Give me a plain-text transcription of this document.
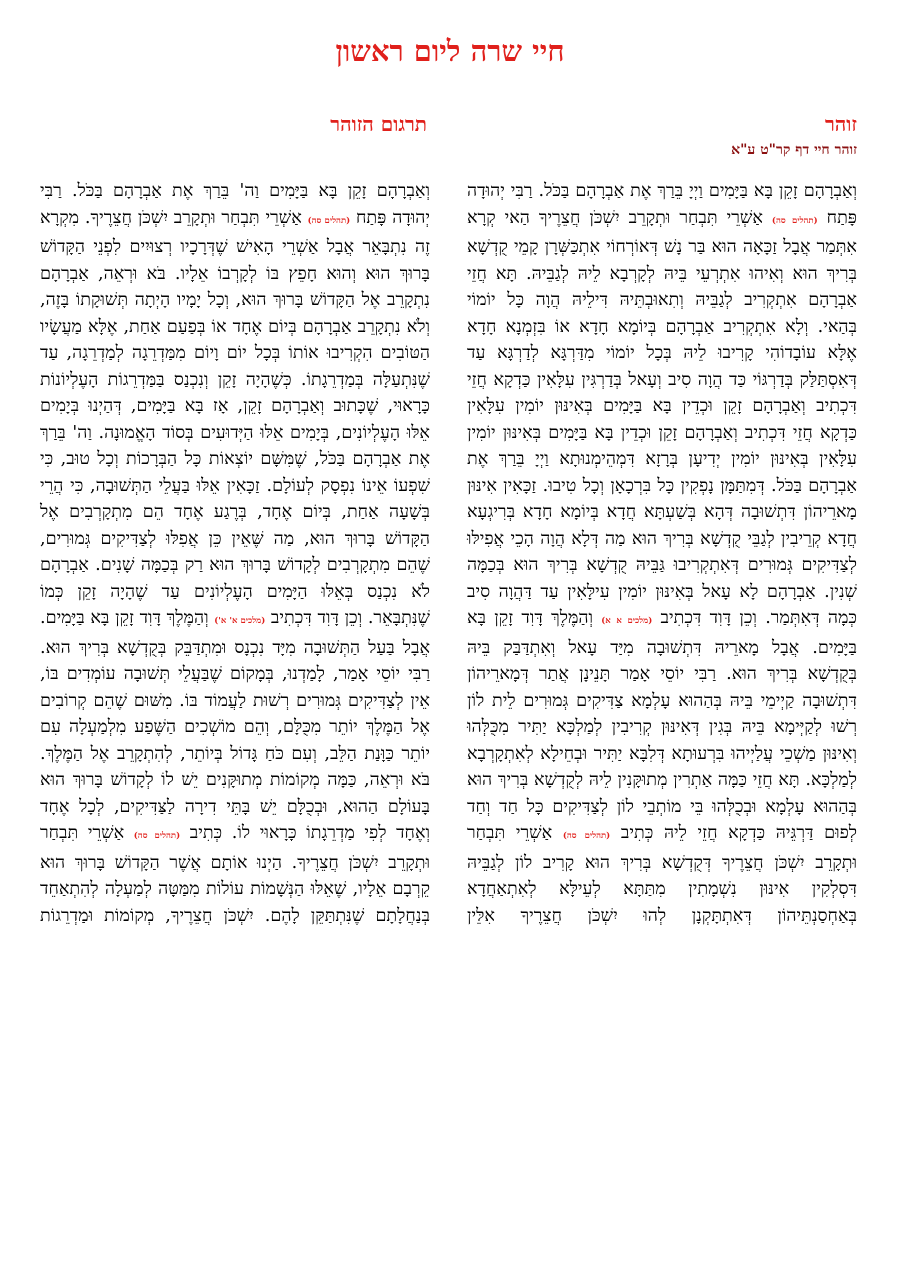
חיי שרה ליום ראשון
זוהר
תרגום הזוהר
זוהר חיי דף קר"ט ע"א
וְאַבְרָהָם זָקֵן בָּא בַּיָּמִים וַיְיָ בֵּרַךְ אֶת אַבְרָהָם בַּכֹּל. רַבִּי יְהוּדָה פָּתַח (תהלים סה) אַשְׁרֵי תִּבְחַר וּתְקָרֵב יִשְׁכֹּן חֲצֵרֶיךָ הַאי קְרָא אִתְּמַר אֲבָל זַכָּאָה הוּא בַּר נָשׁ דְּאוֹרְחוֹי אִתְכַּשְּׁרָן קָמֵי קֻדְשָׁא בְּרִיךְ הוּא וְאִיהוּ אִתְרְעֵי בֵּיהּ לְקָרְבָא לֵיהּ לְגַבֵּיהּ. תָּא חֲזֵי אַבְרָהָם אִתְקְרִיב לְגַבֵּיהּ וְתִאוּבְתֵּיהּ דִּילֵיהּ הֲוָה כָּל יוֹמוֹי בְּהַאי. וְלָא אִתְקְרִיב אַבְרָהָם בְּיוֹמָא חָדָא אוֹ בִּזְמְנָא חָדָא אֶלָּא עוֹבָדוֹהִי קָרִיבוּ לֵיהּ בְּכָל יוֹמוֹי מִדַּרְגָּא לְדַרְגָּא עַד דְּאִסְתַּלַּק בְּדַרְגּוֹי כַּד הֲוָה סִיב וְעָאל בְּדַרְגִּין עִלָּאִין כַּדְקָא חֲזֵי דִּכְתִיב וְאַבְרָהָם זָקֵן וּכְדֵין בָּא בַּיָּמִים בְּאִינּוּן יוֹמִין עִלָּאִין כַּדְקָא חֲזֵי דִּכְתִיב וְאַבְרָהָם זָקֵן וּכְדֵין בָּא בַּיָּמִים בְּאִינּוּן יוֹמִין עִלָּאִין בְּאִינּוּן יוֹמִין יְדִיעָן בְּרָזָא דִּמְהֵימְנוּתָא וַיְיָ בֵּרַךְ אֶת אַבְרָהָם בַּכֹּל. דְּמִתַּמָּן נָפְקִין כָּל בִּרְכָאָן וְכָל טִיבוּ. זַכָּאִין אִינּוּן מָארֵיהוֹן דִּתְשׁוּבָה דְּהָא בְּשַׁעְתָּא חֲדָא בְּיוֹמָא חָדָא בְּרִיגְעָא חֲדָא קְרֵיבִין לְגַבֵּי קֻדְשָׁא בְּרִיךְ הוּא מַה דְּלָא הֲוָה הָכֵי אֲפִילּוּ לְצַדִּיקִים גְּמוּרִים דְּאִתְקְרִיבוּ גַּבֵּיהּ קֻדְשָׁא בְּרִיךְ הוּא בְּכַמָּה שְׁנִין. אַבְרָהָם לָא עָאל בְּאִינּוּן יוֹמִין עִילָּאִין עַד דַּהֲוָה סִיב כְּמָה דְּאִתְּמַר. וְכֵן דָּוִד דִּכְתִיב (מלכים א א) וְהַמֶּלֶךְ דָּוִד זָקֵן בָּא בַּיָּמִים. אֲבָל מָארֵיהּ דִּתְשׁוּבָה מִיַּד עָאל וְאִתְדַּבַּק בֵּיהּ בְּקֻדְשָׁא בְּרִיךְ הוּא. רַבִּי יוֹסֵי אָמַר תָּנֵינָן אֲתַר דְּמָארֵיהוֹן דִּתְשׁוּבָה קַיְימֵי בֵּיהּ בְּהַהוּא עָלְמָא צַדִּיקִים גְּמוּרִים לֵית לוֹן רְשׁוּ לְקַיְּימָא בֵּיהּ בְּגִין דְּאִינּוּן קְרִיבִין לְמַלְכָּא יַתִּיר מִכֻּלְּהוּ וְאִינּוּן מַשְׁכֵי עֲלַיְיהוּ בִּרְעוּתָא דְּלִבָּא יַתִּיר וּבְחֵילָא לְאִתְקָרְבָא לְמַלְכָּא. תָּא חֲזֵי כַּמָּה אַתְרִין מְתוּקָּנִין לֵיהּ לְקֻדְשָׁא בְּרִיךְ הוּא בְּהַהוּא עָלְמָא וּבְכֻלְּהוּ בֵּי מוֹתְבֵי לוֹן לְצַדִּיקִים כָּל חַד וְחַד לְפוּם דַּרְגֵּיהּ כַּדְקָא חֲזֵי לֵיהּ כְּתִיב (תהלים סה) אַשְׁרֵי תִּבְחַר וּתְקָרֵב יִשְׁכֹּן חֲצֵרֶיךָ דְּקֻדְשָׁא בְּרִיךְ הוּא קָרִיב לוֹן לְגַבֵּיהּ דִּסְלְקִין אִינּוּן נִשְׁמָתִין מִתַּתָּא לְעֵילָּא לְאִתְאַחֲדָא בְּאַחְסַנְתֵּיהוֹן דְּאִתְתָּקְנָן לְהוּ יִשְׁכֹּן חֲצֵרֶיךָ אִלֵּין
וְאַבְרָהָם זָקֵן בָּא בַּיָּמִים וַה' בֵּרַךְ אֶת אַבְרָהָם בַּכֹּל. רַבִּי יְהוּדָה פָּתַח (תהלים סה) אַשְׁרֵי תִּבְחַר וּתְקָרֵב יִשְׁכֹּן חֲצֵרֶיךָ. מִקְרָא זֶה נִתְבָּאֵר אֲבָל אַשְׁרֵי הָאִישׁ שֶׁדְּרָכָיו רְצוּיִים לִפְנֵי הַקָּדוֹשׁ בָּרוּךְ הוּא וְהוּא חָפֵץ בּוֹ לְקָרְבוֹ אֵלָיו. בֹּא וּרְאֵה, אַבְרָהָם נִתְקָרֵב אֶל הַקָּדוֹשׁ בָּרוּךְ הוּא, וְכָל יָמָיו הָיְתָה תְּשׁוּקָתוֹ בָּזֶה, וְלֹא נִתְקָרֵב אַבְרָהָם בְּיוֹם אֶחָד אוֹ בְּפַעַם אַחַת, אֶלָּא מַעֲשָׂיו הַטּוֹבִים הִקְרִיבוּ אוֹתוֹ בְּכָל יוֹם וָיוֹם מִמַּדְרֵגָה לְמַדְרֵגָה, עַד שֶׁנִּתְעַלָּה בְּמַדְרֵגָתוֹ. כְּשֶׁהָיָה זָקֵן וְנִכְנַס בַּמַּדְרֵגוֹת הָעֶלְיוֹנוֹת כָּרָאוּי, שֶׁכָּתוּב וְאַבְרָהָם זָקֵן, אָז בָּא בַּיָּמִים, דְּהַיְנוּ בְּיָמִים אֵלּוּ הָעֶלְיוֹנִים, בְּיָמִים אֵלּוּ הַיְּדוּעִים בְּסוֹד הָאֱמוּנָה. וַה' בֵּרַךְ אֶת אַבְרָהָם בַּכֹּל, שֶׁמִּשָּׁם יוֹצְאוֹת כָּל הַבְּרָכוֹת וְכָל טוּב, כִּי שִׁפְעוֹ אֵינוֹ נִפְסָק לְעוֹלָם. זַכָּאִין אֵלּוּ בַּעֲלֵי הַתְּשׁוּבָה, כִּי הֲרֵי בְּשָׁעָה אַחַת, בְּיוֹם אֶחָד, בְּרֶגַע אֶחָד הֵם מִתְקָרְבִים אֶל הַקָּדוֹשׁ בָּרוּךְ הוּא, מַה שֶּׁאֵין כֵּן אֲפִלּוּ לְצַדִּיקִים גְּמוּרִים, שֶׁהֵם מִתְקָרְבִים לְקָדוֹשׁ בָּרוּךְ הוּא רַק בְּכַמָּה שָׁנִים. אַבְרָהָם לֹא נִכְנַס בְּאֵלּוּ הַיָּמִים הָעֶלְיוֹנִים עַד שֶׁהָיָה זָקֵן כְּמוֹ שֶׁנִּתְבָּאֵר. וְכֵן דָּוִד דִּכְתִיב (מלכים א' א') וְהַמֶּלֶךְ דָּוִד זָקֵן בָּא בַּיָּמִים. אֲבָל בַּעַל הַתְּשׁוּבָה מִיָּד נִכְנָס וּמִתְדַּבֵּק בְּקֻדְשָׁא בְּרִיךְ הוּא. רַבִּי יוֹסֵי אָמַר, לָמַדְנוּ, בְּמָקוֹם שֶׁבַּעֲלֵי תְּשׁוּבָה עוֹמְדִים בּוֹ, אֵין לְצַדִּיקִים גְּמוּרִים רְשׁוּת לַעֲמוֹד בּוֹ. מִשּׁוּם שֶׁהֵם קְרוֹבִים אֶל הַמֶּלֶךְ יוֹתֵר מִכֻּלָּם, וְהֵם מוֹשְׁכִים הַשֶּׁפַע מִלְמַעְלָה עִם יוֹתֵר כַּוָּנַת הַלֵּב, וְעִם כֹּחַ גָּדוֹל בְּיוֹתֵר, לְהִתְקָרֵב אֶל הַמֶּלֶךְ. בֹּא וּרְאֵה, כַּמָּה מְקוֹמוֹת מְתוּקָּנִים יֵשׁ לוֹ לְקָדוֹשׁ בָּרוּךְ הוּא בָּעוֹלָם הַהוּא, וּבְכֻלָּם יֵשׁ בָּתֵּי דִירָה לַצַּדִּיקִים, לְכָל אֶחָד וְאֶחָד לְפִי מַדְרֵגָתוֹ כָּרָאוּי לוֹ. כְּתִיב (תהלים סה) אַשְׁרֵי תִּבְחַר וּתְקָרֵב יִשְׁכֹּן חֲצֵרֶיךָ. הַיְנוּ אוֹתָם אֲשֶׁר הַקָּדוֹשׁ בָּרוּךְ הוּא קֵרְבָם אֵלָיו, שֶׁאֵלּוּ הַנְּשָׁמוֹת עוֹלוֹת מִמַּטָּה לְמַעְלָה לְהִתְאַחֵד בְּנַחֲלָתָם שֶׁנִּתְתַּקֵּן לָהֶם. יִשְׁכֹּן חֲצֵרֶיךָ, מְקוֹמוֹת וּמַדְרֵגוֹת
